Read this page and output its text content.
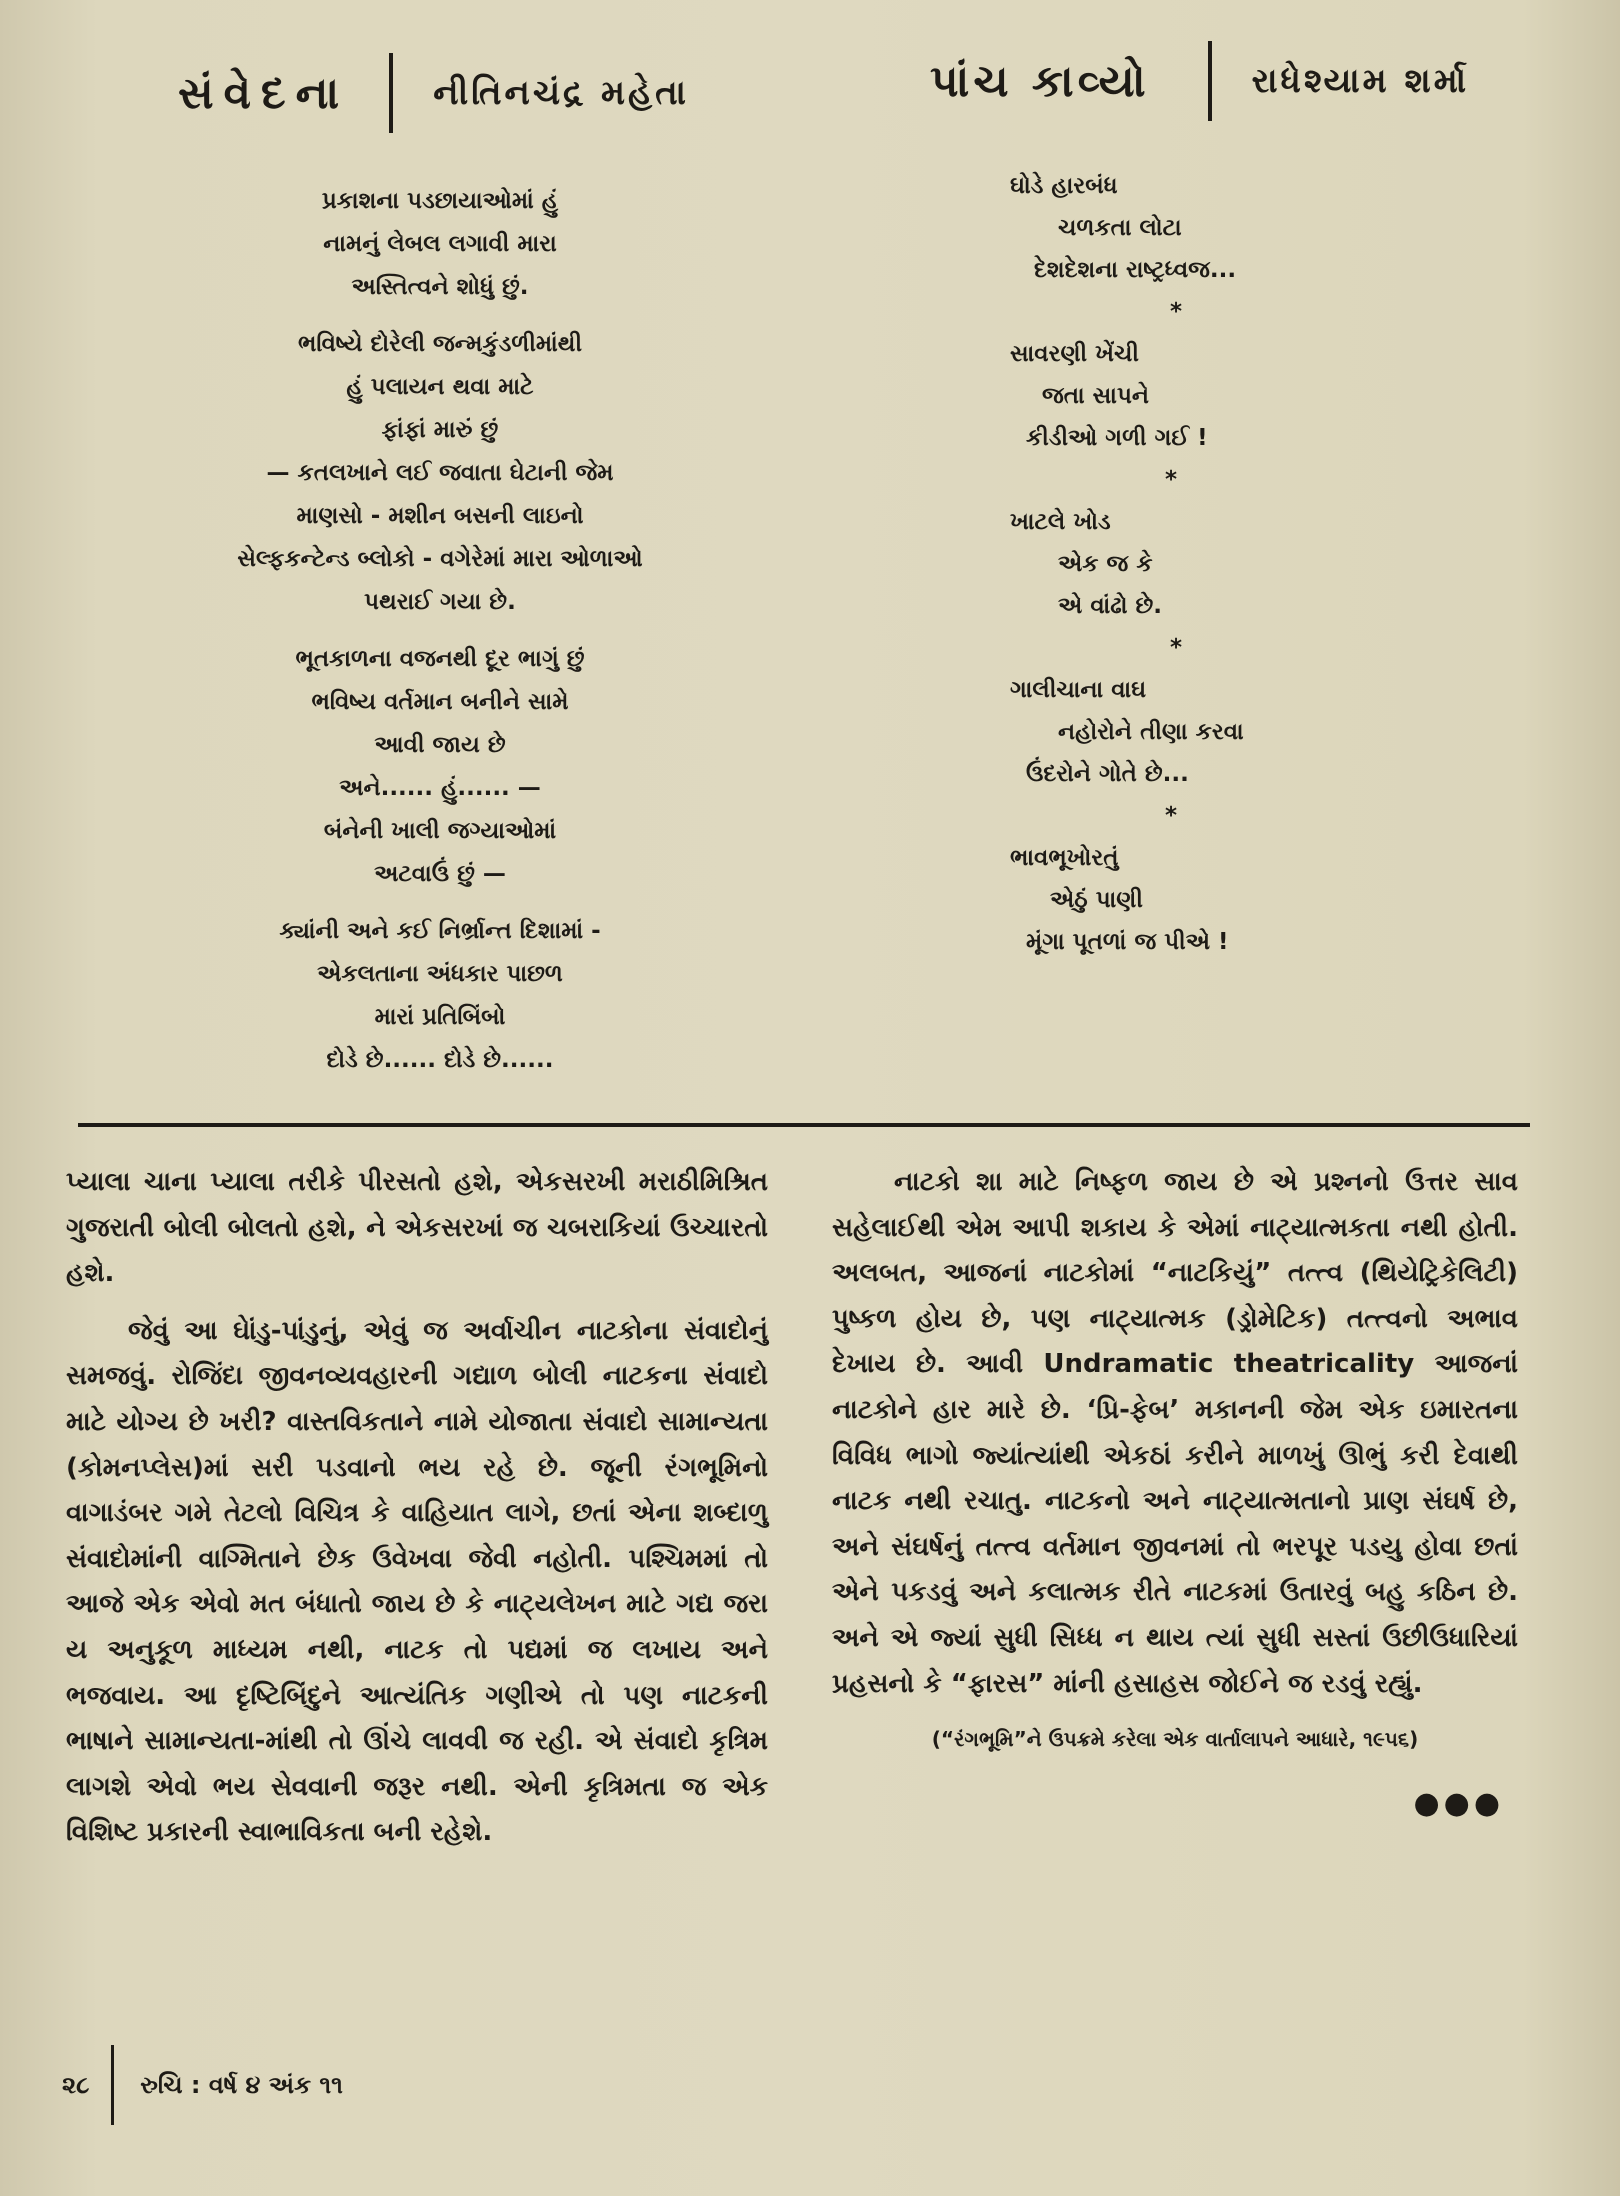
સંવેદના નીતિનચંદ્ર મહેતા	પાંચ કાવ્યો	રાધેશ્યામ શર્મા
પ્રકાશના પડછાયાઓમાં હું
નામનું લેબલ લગાવી મારા
અસ્તિત્વને શોધું છું.
ભવિષ્યે દોરેલી જન્મકુંડળીમાંથી
હું પલાયન થવા માટે
ફાંફાં મારું છું
— કતલખાને લઈ જવાતા ઘેટાની જેમ
માણસો - મશીન બસની લાઇનો
સેલ્ફકન્ટેન્ડ બ્લોકો - વગેરેમાં મારા ઓળાઓ
પથરાઈ ગયા છે.
ભૂતકાળના વજનથી દૂર ભાગું છું
ભવિષ્ય વર્તમાન બનીને સામે
આવી જાય છે
અને...... હું...... —
બંનેની ખાલી જગ્યાઓમાં
અટવાઉં છું —
ક્યાંની અને કઈ નિર્ભ્રાન્ત દિશામાં -
એકલતાના અંધકાર પાછળ
મારાં પ્રતિબિંબો
દોડે છે...... દોડે છે......
ઘોડે હારબંધ
ચળકતા લોટા
દેશદેશના રાષ્ટ્રધ્વજ...
*
સાવરણી ખેંચી
જતા સાપને
કીડીઓ ગળી ગઈ !
*
ખાટલે ખોડ
એક જ કે
એ વાંઢો છે.
*
ગાલીચાના વાઘ
નહોરોને તીણા કરવા
ઉંદરોને ગોતે છે...
*
ભાવભૂખોરતું
એઠું પાણી
મૂંગા પૂતળાં જ પીએ !

પ્યાલા ચાના પ્યાલા તરીકે પીરસતો હશે, એકસરખી મરાઠીમિશ્રિત ગુજરાતી બોલી બોલતો હશે, ને એકસરખાં જ ચબરાકિયાં ઉચ્ચારતો હશે.

જેવું આ ઘેાંડુ-પાંડુનું, એવું જ અર્વાચીન નાટકોના સંવાદોનું સમજવું. રોજિંદા જીવનવ્યવહારની ગદ્યાળ બોલી નાટકના સંવાદો માટે યોગ્ય છે ખરી? વાસ્તવિકતાને નામે યોજાતા સંવાદો સામાન્યતા (કોમનપ્લેસ)માં સરી પડવાનો ભય રહે છે. જૂની રંગભૂમિનો વાગાડંબર ગમે તેટલો વિચિત્ર કે વાહિયાત લાગે, છતાં એના શબ્દાળુ સંવાદોમાંની વાગ્મિતાને છેક ઉવેખવા જેવી નહોતી. પશ્ચિમમાં તો આજે એક એવો મત બંધાતો જાય છે કે નાટ્યલેખન માટે ગદ્ય જરા ય અનુકૂળ માધ્યમ નથી, નાટક તો પદ્યમાં જ લખાય અને ભજવાય. આ દૃષ્ટિબિંદુને આત્યંતિક ગણીએ તો પણ નાટકની ભાષાને સામાન્યતા-માંથી તો ઊંચે લાવવી જ રહી. એ સંવાદો કૃત્રિમ લાગશે એવો ભય સેવવાની જરૂર નથી. એની કૃત્રિમતા જ એક વિશિષ્ટ પ્રકારની સ્વાભાવિકતા બની રહેશે.

નાટકો શા માટે નિષ્ફળ જાય છે એ પ્રશ્નનો ઉત્તર સાવ સહેલાઈથી એમ આપી શકાય કે એમાં નાટ્યાત્મકતા નથી હોતી. અલબત, આજનાં નાટકોમાં “નાટકિયું” તત્ત્વ (થિયેટ્રિકેલિટી) પુષ્કળ હોય છે, પણ નાટ્યાત્મક (ડ્રોમેટિક) તત્ત્વનો અભાવ દેખાય છે. આવી Undramatic theatricality આજનાં નાટકોને હાર મારે છે. ‘પ્રિ-ફેબ’ મકાનની જેમ એક ઇમારતના વિવિધ ભાગો જ્યાંત્યાંથી એકઠાં કરીને માળખું ઊભું કરી દેવાથી નાટક નથી રચાતુ. નાટકનો અને નાટ્યાત્મતાનો પ્રાણ સંઘર્ષ છે, અને સંઘર્ષનું તત્ત્વ વર્તમાન જીવનમાં તો ભરપૂર પડયુ હોવા છતાં એને પકડવું અને કલાત્મક રીતે નાટકમાં ઉતારવું બહુ કઠિન છે. અને એ જ્યાં સુધી સિધ્ધ ન થાય ત્યાં સુધી સસ્તાં ઉછીઉધારિયાં પ્રહસનો કે “ફારસ” માંની હસાહસ જોઈને જ રડવું રહ્યું.

(“રંગભૂમિ”ને ઉપક્રમે કરેલા એક વાર્તાલાપને આધારે, ૧૯૫૬)
●●●
૨૮ રુચિ : વર્ષ ૪ અંક ૧૧
